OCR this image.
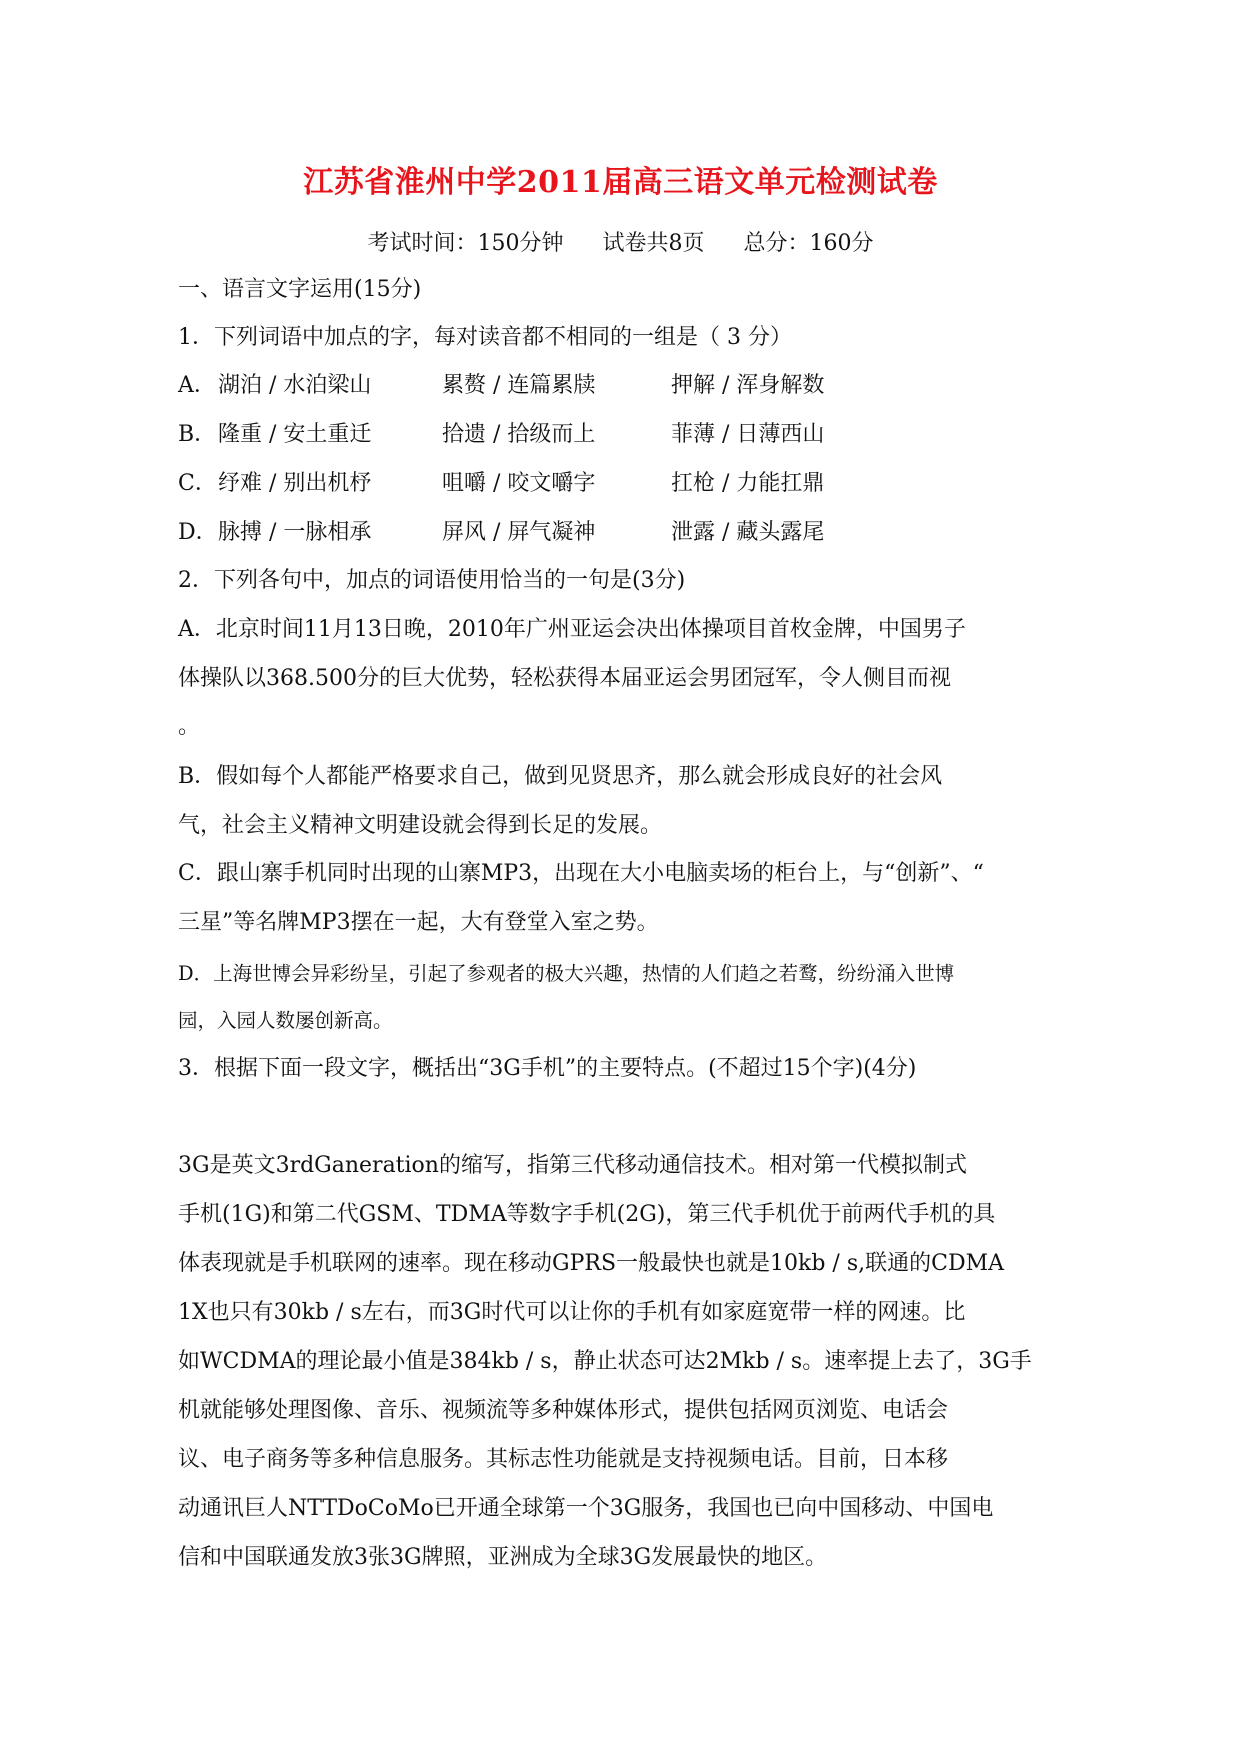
江苏省淮州中学2011届高三语文单元检测试卷
考试时间：150分钟 试卷共8页 总分：160分
一、语言文字运用(15分)
1．下列词语中加点的字，每对读音都不相同的一组是（ 3 分）
A． 湖泊 / 水泊梁山	累赘 / 连篇累牍	押解 / 浑身解数
B． 隆重 / 安土重迁	拾遗 / 拾级而上	菲薄 / 日薄西山
C． 纾难 / 别出机杼	咀嚼 / 咬文嚼字	扛枪 / 力能扛鼎
D． 脉搏 / 一脉相承	屏风 / 屏气凝神	泄露 / 藏头露尾
2．下列各句中，加点的词语使用恰当的一句是(3分)
A．北京时间11月13日晚，2010年广州亚运会决出体操项目首枚金牌，中国男子
体操队以368.500分的巨大优势，轻松获得本届亚运会男团冠军，令人侧目而视
。
B．假如每个人都能严格要求自己，做到见贤思齐，那么就会形成良好的社会风
气，社会主义精神文明建设就会得到长足的发展。
C．跟山寨手机同时出现的山寨MP3，出现在大小电脑卖场的柜台上，与“创新”、“
三星”等名牌MP3摆在一起，大有登堂入室之势。
D．上海世博会异彩纷呈，引起了参观者的极大兴趣，热情的人们趋之若鹜，纷纷涌入世博
园，入园人数屡创新高。
3．根据下面一段文字，概括出“3G手机”的主要特点。(不超过15个字)(4分)
3G是英文3rdGaneration的缩写，指第三代移动通信技术。相对第一代模拟制式
手机(1G)和第二代GSM、TDMA等数字手机(2G)，第三代手机优于前两代手机的具
体表现就是手机联网的速率。现在移动GPRS一般最快也就是10kb / s,联通的CDMA
1X也只有30kb / s左右，而3G时代可以让你的手机有如家庭宽带一样的网速。比
如WCDMA的理论最小值是384kb / s，静止状态可达2Mkb / s。速率提上去了，3G手
机就能够处理图像、音乐、视频流等多种媒体形式，提供包括网页浏览、电话会
议、电子商务等多种信息服务。其标志性功能就是支持视频电话。目前，日本移
动通讯巨人NTTDoCoMo已开通全球第一个3G服务，我国也已向中国移动、中国电
信和中国联通发放3张3G牌照，亚洲成为全球3G发展最快的地区。
